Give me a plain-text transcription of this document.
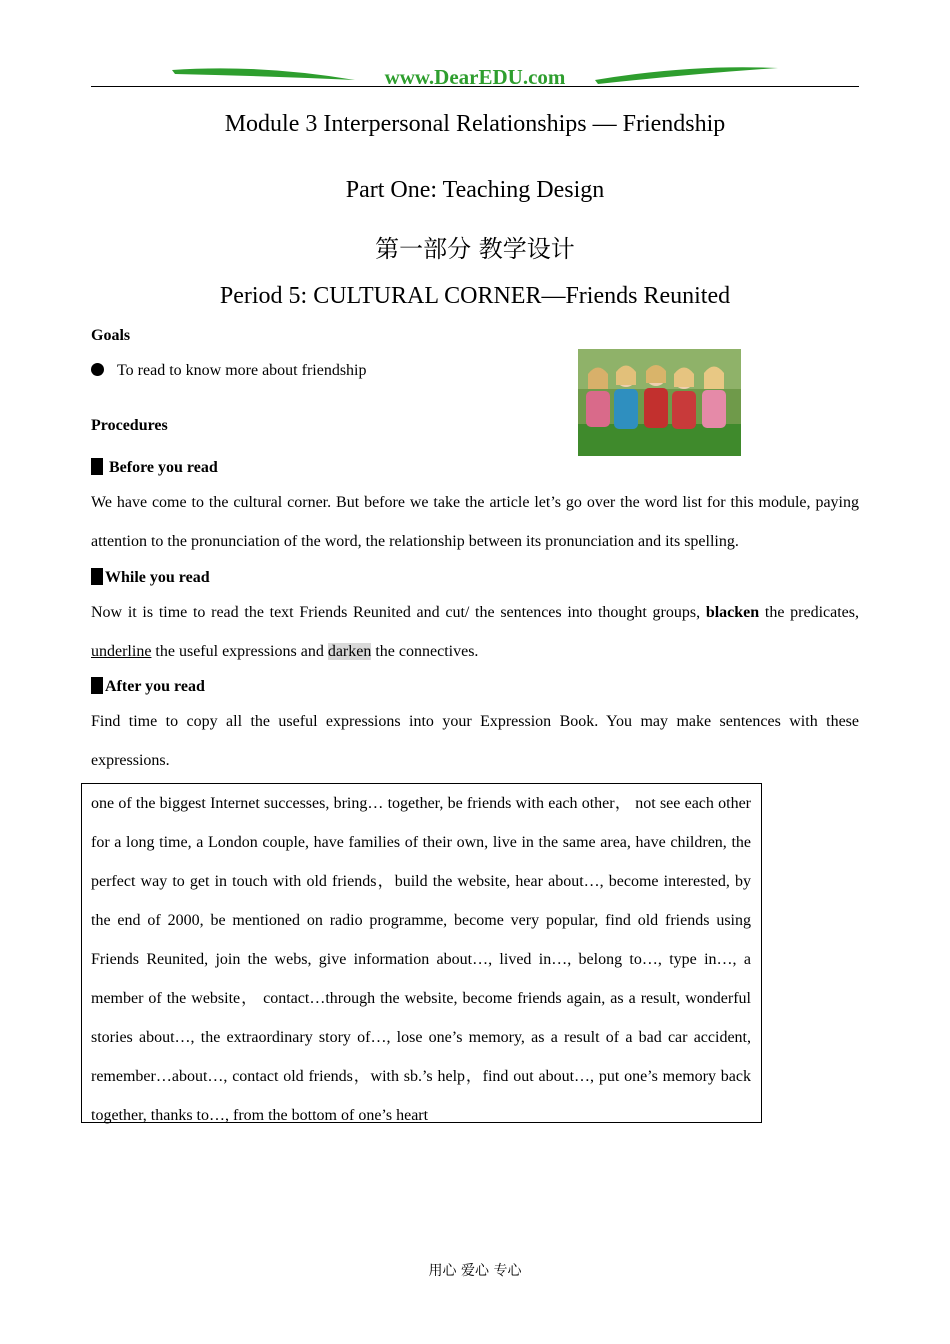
www.DearEDU.com
Module 3 Interpersonal Relationships — Friendship
Part One: Teaching Design
第一部分 教学设计
Period 5: CULTURAL CORNER—Friends Reunited
Goals
To read to know more about friendship
Procedures
Before you read
We have come to the cultural corner. But before we take the article let’s go over the word list for this module, paying attention to the pronunciation of the word, the relationship between its pronunciation and its spelling.
While you read
Now it is time to read the text Friends Reunited and cut/ the sentences into thought groups, blacken the predicates, underline the useful expressions and darken the connectives.
After you read
Find time to copy all the useful expressions into your Expression Book. You may make sentences with these expressions.
one of the biggest Internet successes, bring… together, be friends with each other， not see each other for a long time, a London couple, have families of their own, live in the same area, have children, the perfect way to get in touch with old friends，build the website, hear about…, become interested, by the end of 2000, be mentioned on radio programme, become very popular, find old friends using Friends Reunited, join the webs, give information about…, lived in…, belong to…, type in…, a member of the website， contact…through the website, become friends again, as a result, wonderful stories about…, the extraordinary story of…, lose one’s memory, as a result of a bad car accident, remember…about…, contact old friends，with sb.’s help，find out about…, put one’s memory back together, thanks to…, from the bottom of one’s heart
用心 爱心 专心
